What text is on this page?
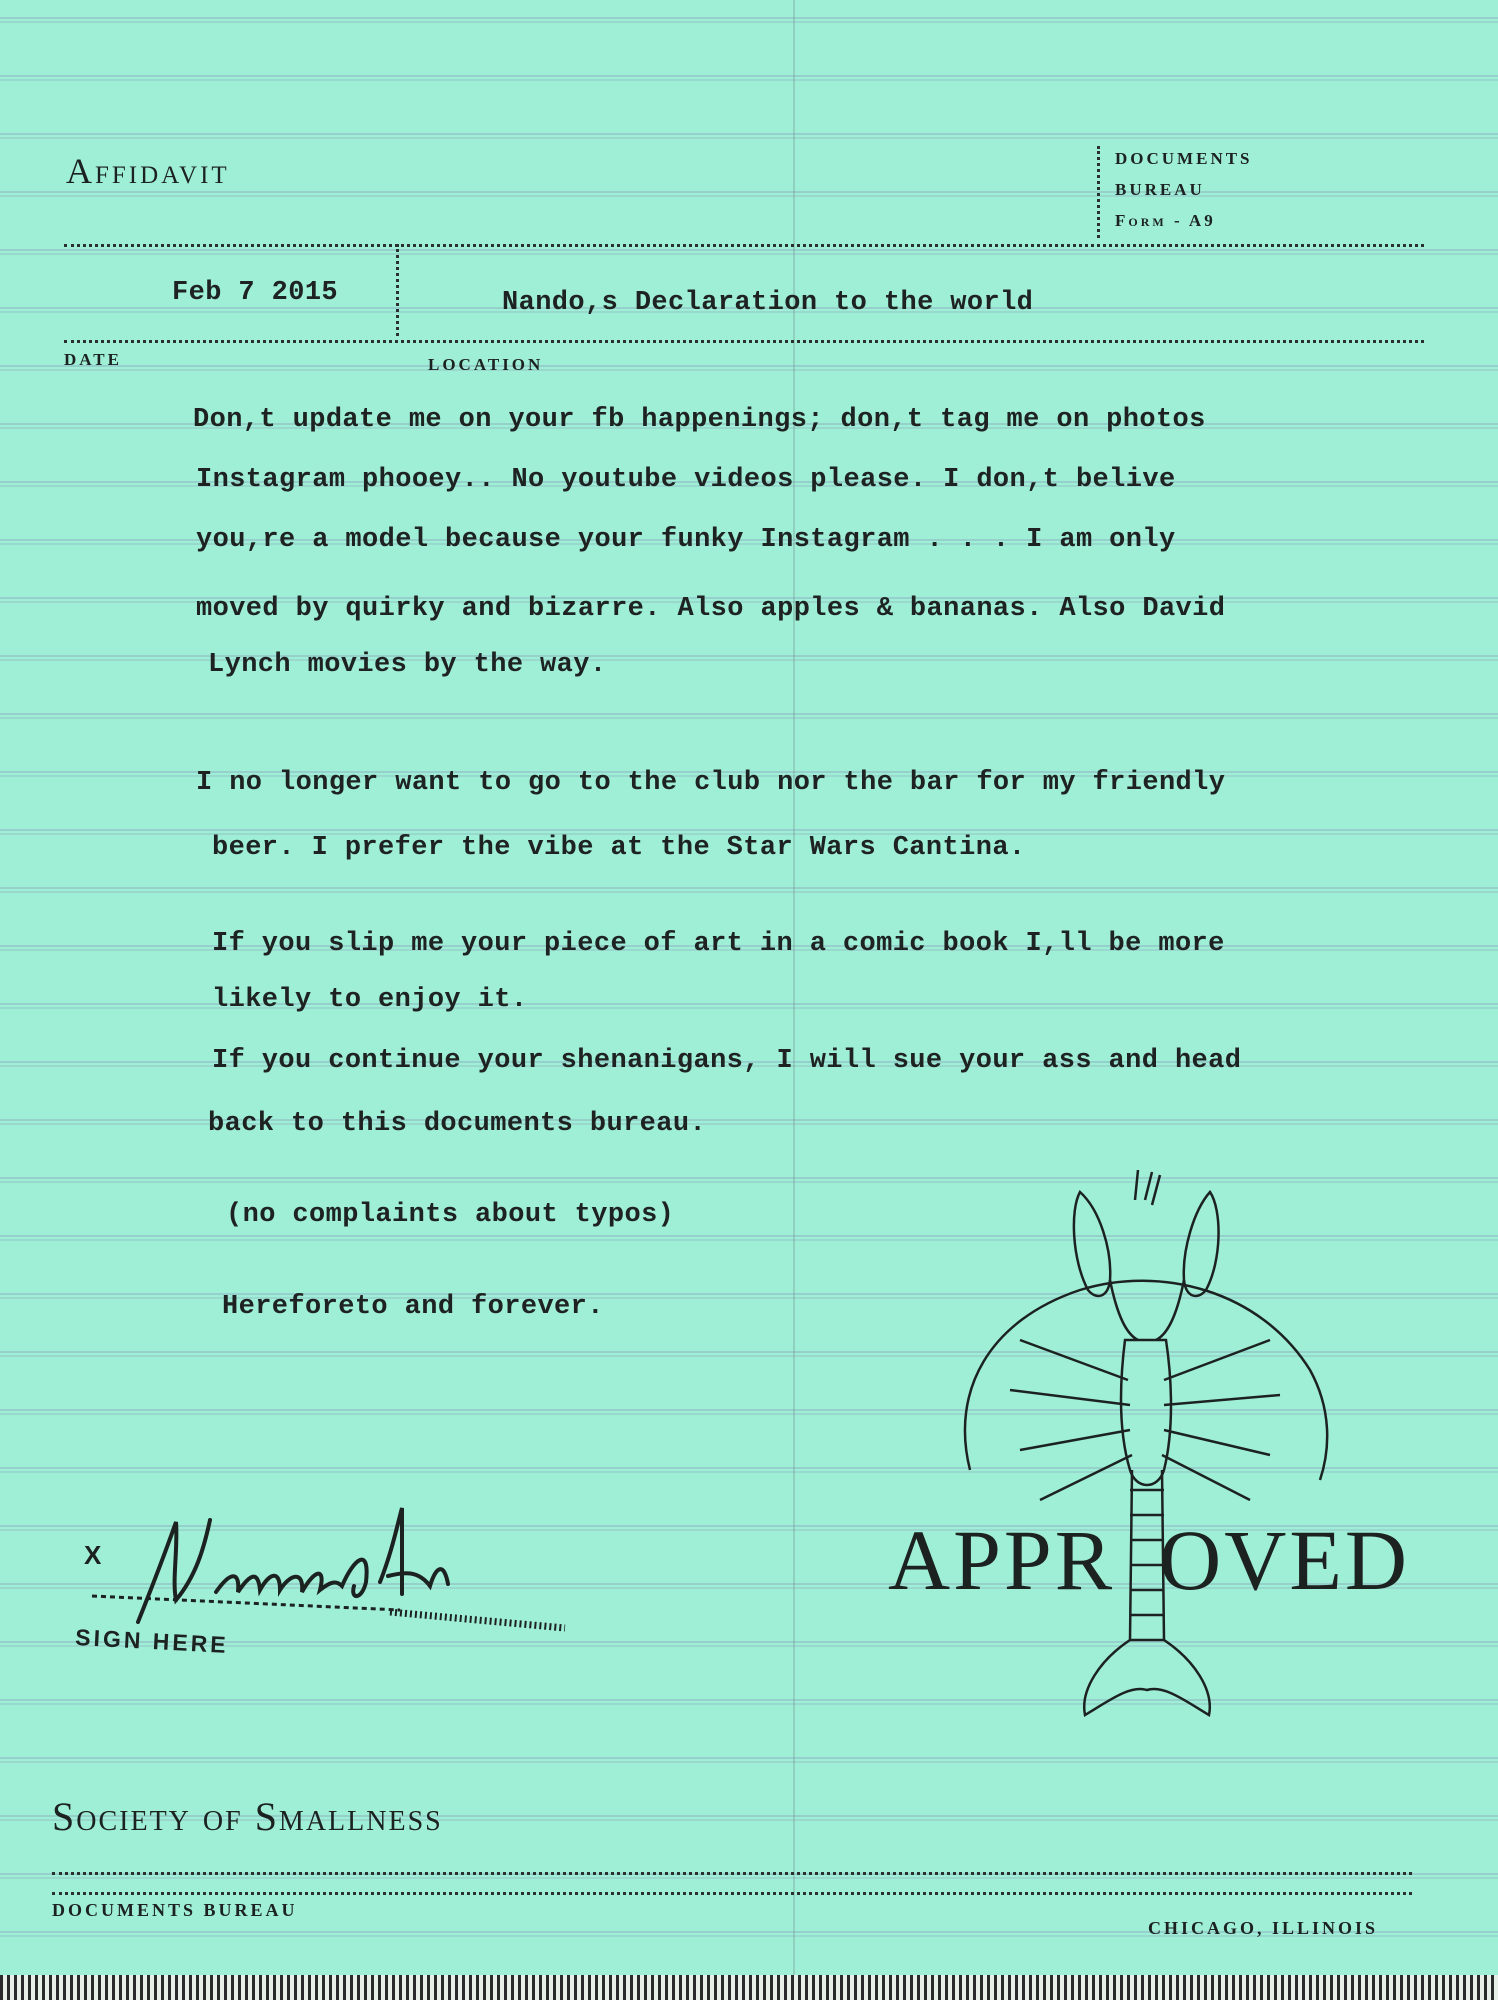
Affidavit	DOCUMENTS
BUREAU
Form - A9
Feb 7 2015	Nando,s Declaration to the world
DATE	LOCATION
Don,t update me on your fb happenings; don,t tag me on photos
Instagram phooey.. No youtube videos please. I don,t belive
you,re a model because your funky Instagram . . . I am only
moved by quirky and bizarre. Also apples & bananas. Also David
Lynch movies by the way.
I no longer want to go to the club nor the bar for my friendly
beer. I prefer the vibe at the Star Wars Cantina.
If you slip me your piece of art in a comic book I,ll be more
likely to enjoy it.
If you continue your shenanigans, I will sue your ass and head
back to this documents bureau.
(no complaints about typos)
Hereforeto and forever.
X
SIGN HERE
APPR OVED
Society of Smallness
DOCUMENTS BUREAU
CHICAGO, ILLINOIS
